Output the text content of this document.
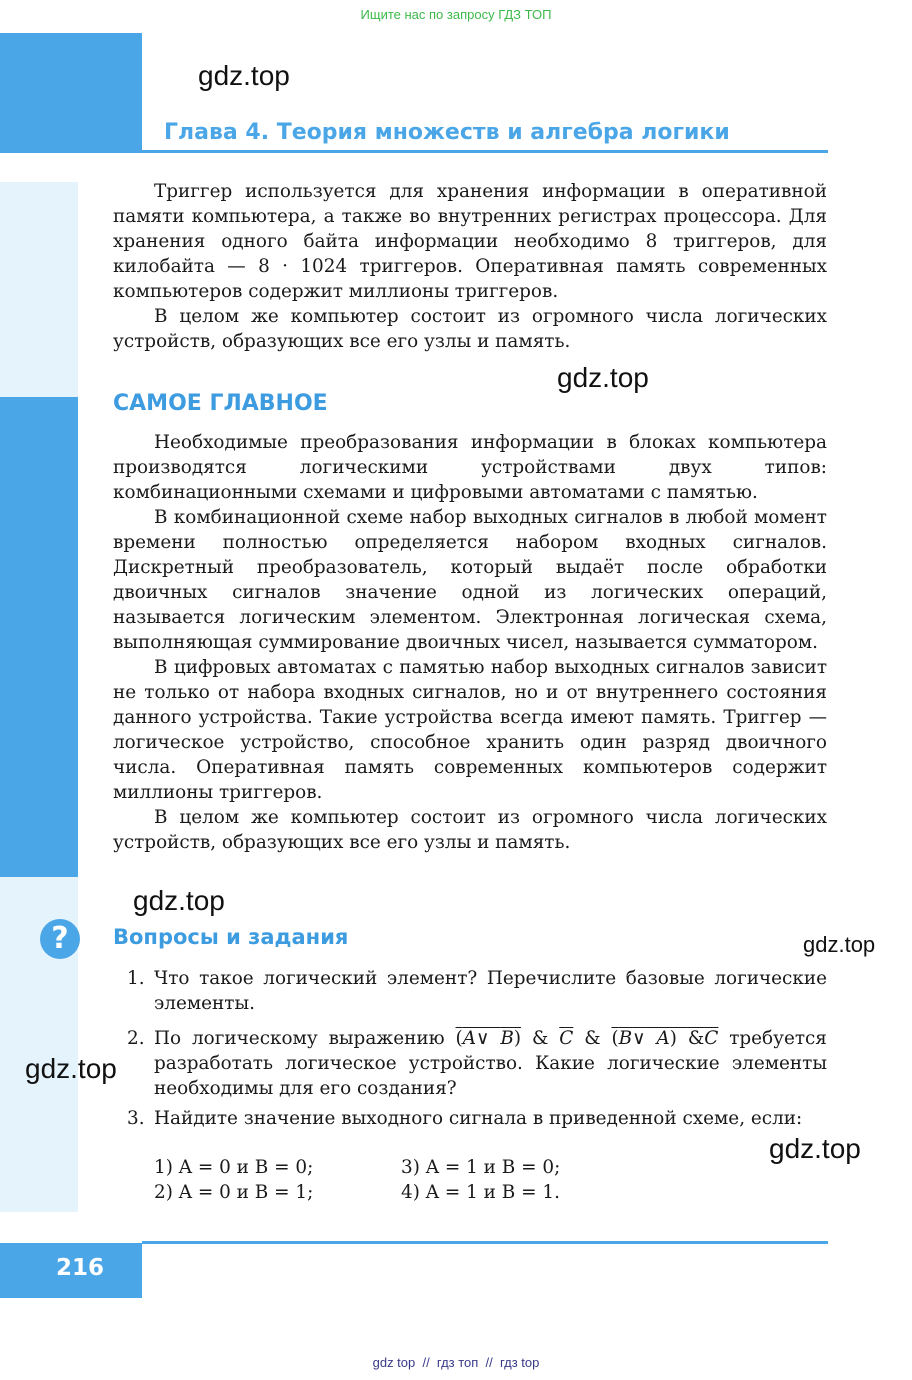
Ищите нас по запросу ГДЗ ТОП
gdz.top
Глава 4. Теория множеств и алгебра логики

Триггер используется для хранения информации в оперативной памяти компьютера, а также во внутренних регистрах процессора. Для хранения одного байта информации необходимо 8 триггеров, для килобайта — 8 · 1024 триггеров. Оперативная память современных компьютеров содержит миллионы триггеров.

В целом же компьютер состоит из огромного числа логических устройств, образующих все его узлы и память.

gdz.top
САМОЕ ГЛАВНОЕ

Необходимые преобразования информации в блоках компьютера производятся логическими устройствами двух типов: комбинационными схемами и цифровыми автоматами с памятью.

В комбинационной схеме набор выходных сигналов в любой момент времени полностью определяется набором входных сигналов. Дискретный преобразователь, который выдаёт после обработки двоичных сигналов значение одной из логических операций, называется логическим элементом. Электронная логическая схема, выполняющая суммирование двоичных чисел, называется сумматором.

В цифровых автоматах с памятью набор выходных сигналов зависит не только от набора входных сигналов, но и от внутреннего состояния данного устройства. Такие устройства всегда имеют память. Триггер — логическое устройство, способное хранить один разряд двоичного числа. Оперативная память современных компьютеров содержит миллионы триггеров.

В целом же компьютер состоит из огромного числа логических устройств, образующих все его узлы и память.

gdz.top
?	Вопросы и задания	gdz.top
1. Что такое логический элемент? Перечислите базовые логические элементы.
2. По логическому выражению (A∨ B) & $\overline{C}$ & (B∨ A) &C требуется разработать логическое устройство. Какие логические элементы необходимы для его создания?
3. Найдите значение выходного сигнала в приведенной схеме, если:
1) A = 0 и B = 0;
2) A = 0 и B = 1;
3) A = 1 и B = 0;
4) A = 1 и B = 1.
gdz.top
gdz.top
216
gdz top  //  гдз топ  //  гдз top
